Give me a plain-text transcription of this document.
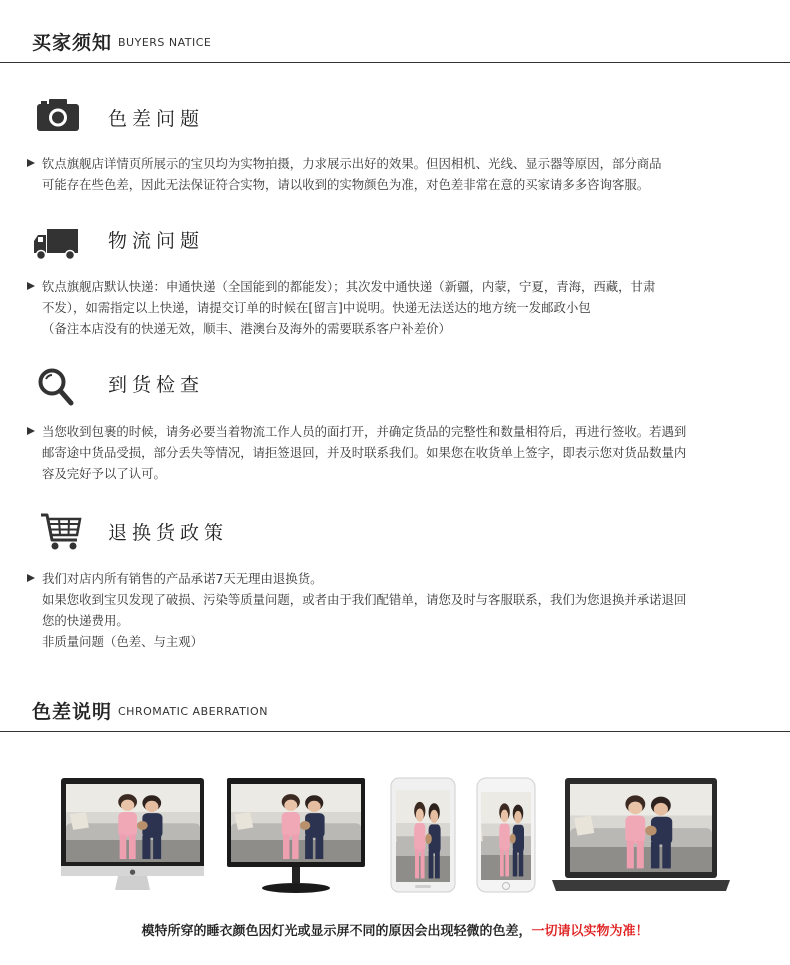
买家须知 BUYERS NATICE
色差问题
钦点旗舰店详情页所展示的宝贝均为实物拍摄，力求展示出好的效果。但因相机、光线、显示器等原因，部分商品
可能存在些色差，因此无法保证符合实物，请以收到的实物颜色为准，对色差非常在意的买家请多多咨询客服。
物流问题
钦点旗舰店默认快递：申通快递（全国能到的都能发）；其次发中通快递（新疆，内蒙，宁夏，青海，西藏，甘肃
不发），如需指定以上快递，请提交订单的时候在[留言]中说明。快递无法送达的地方统一发邮政小包
（备注本店没有的快递无效，顺丰、港澳台及海外的需要联系客户补差价）
到货检查
当您收到包裹的时候，请务必要当着物流工作人员的面打开，并确定货品的完整性和数量相符后，再进行签收。若遇到
邮寄途中货品受损，部分丢失等情况，请拒签退回，并及时联系我们。如果您在收货单上签字，即表示您对货品数量内
容及完好予以了认可。
退换货政策
我们对店内所有销售的产品承诺7天无理由退换货。
如果您收到宝贝发现了破损、污染等质量问题，或者由于我们配错单，请您及时与客服联系，我们为您退换并承诺退回
您的快递费用。
非质量问题（色差、与主观）
色差说明 CHROMATIC ABERRATION
●
模特所穿的睡衣颜色因灯光或显示屏不同的原因会出现轻微的色差，一切请以实物为准！
